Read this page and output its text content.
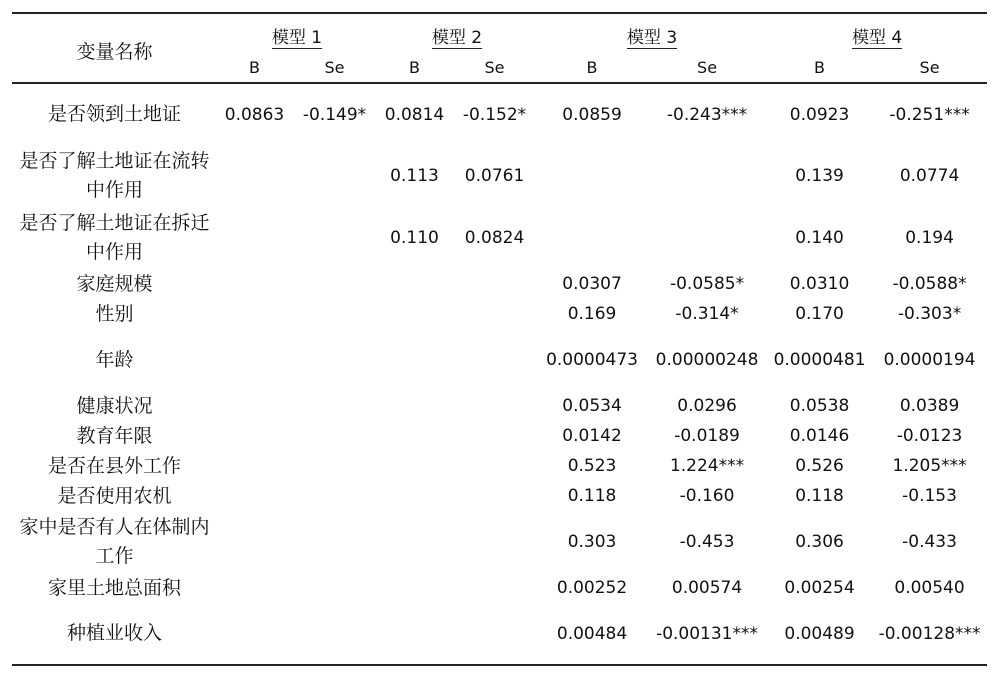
变量名称	模型 1		模型 2		模型 3		模型 4	
	B	Se	B	Se	B	Se	B	Se
是否领到土地证	0.0863	-0.149*	0.0814	-0.152*	0.0859	-0.243***	0.0923	-0.251***
是否了解土地证在流转中作用			0.113	0.0761			0.139	0.0774
是否了解土地证在拆迁中作用			0.110	0.0824			0.140	0.194
家庭规模					0.0307	-0.0585*	0.0310	-0.0588*
性别					0.169	-0.314*	0.170	-0.303*
年龄					0.0000473	0.00000248	0.0000481	0.0000194
健康状况					0.0534	0.0296	0.0538	0.0389
教育年限					0.0142	-0.0189	0.0146	-0.0123
是否在县外工作					0.523	1.224***	0.526	1.205***
是否使用农机					0.118	-0.160	0.118	-0.153
家中是否有人在体制内工作					0.303	-0.453	0.306	-0.433
家里土地总面积					0.00252	0.00574	0.00254	0.00540
种植业收入					0.00484	-0.00131***	0.00489	-0.00128***
